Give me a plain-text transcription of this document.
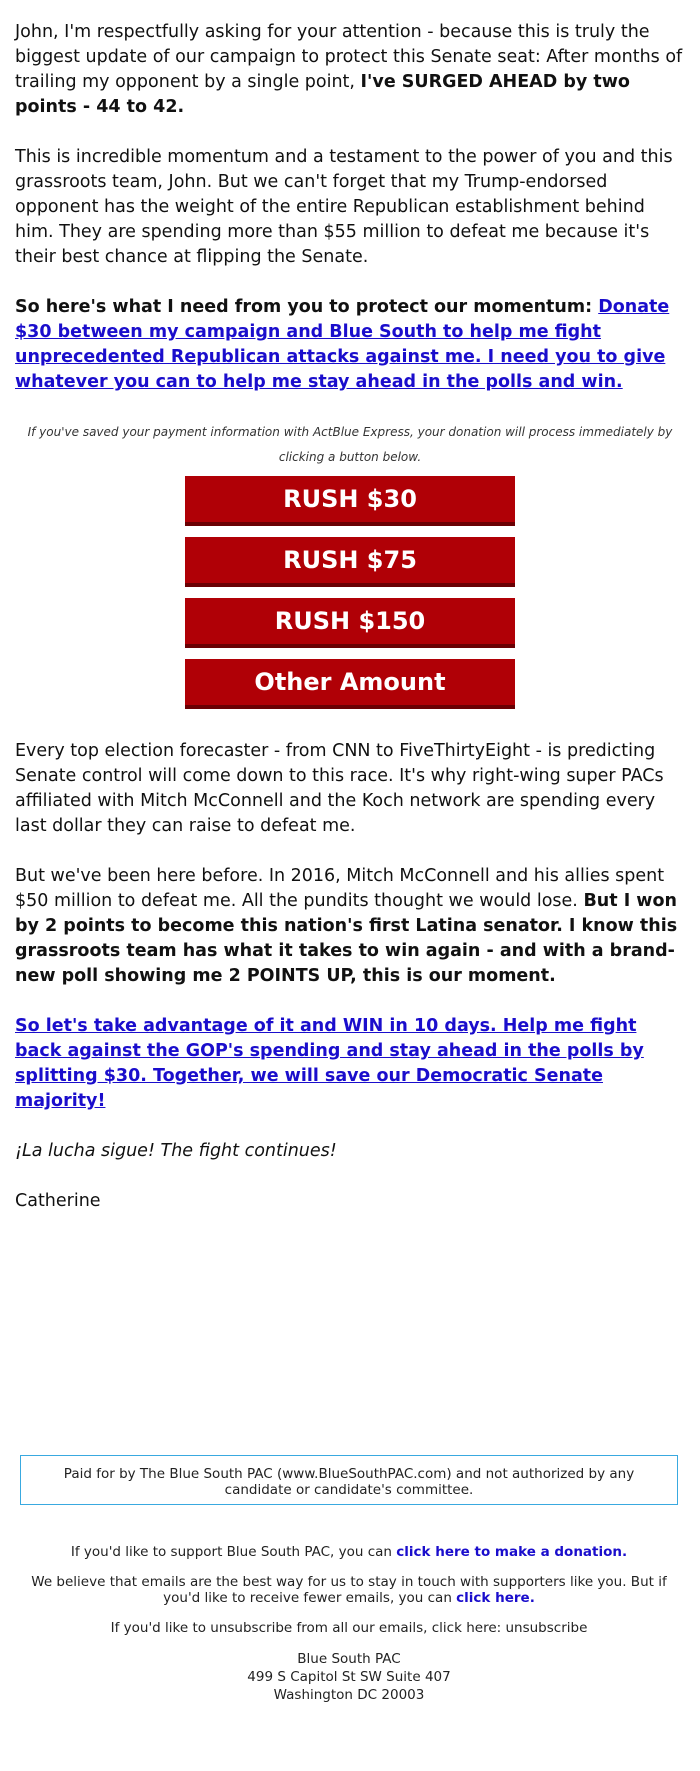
John, I'm respectfully asking for your attention - because this is truly the biggest update of our campaign to protect this Senate seat: After months of trailing my opponent by a single point, I've SURGED AHEAD by two points - 44 to 42.

This is incredible momentum and a testament to the power of you and this grassroots team, John. But we can't forget that my Trump-endorsed opponent has the weight of the entire Republican establishment behind him. They are spending more than $55 million to defeat me because it's their best chance at flipping the Senate.

So here's what I need from you to protect our momentum: Donate $30 between my campaign and Blue South to help me fight unprecedented Republican attacks against me. I need you to give whatever you can to help me stay ahead in the polls and win.

If you've saved your payment information with ActBlue Express, your donation will process immediately by clicking a button below.

RUSH $30
RUSH $75
RUSH $150
Other Amount

Every top election forecaster - from CNN to FiveThirtyEight - is predicting Senate control will come down to this race. It's why right-wing super PACs affiliated with Mitch McConnell and the Koch network are spending every last dollar they can raise to defeat me.

But we've been here before. In 2016, Mitch McConnell and his allies spent $50 million to defeat me. All the pundits thought we would lose. But I won by 2 points to become this nation's first Latina senator. I know this grassroots team has what it takes to win again - and with a brand-new poll showing me 2 POINTS UP, this is our moment.

So let's take advantage of it and WIN in 10 days. Help me fight back against the GOP's spending and stay ahead in the polls by splitting $30. Together, we will save our Democratic Senate majority!

¡La lucha sigue! The fight continues!

Catherine

Paid for by The Blue South PAC (www.BlueSouthPAC.com) and not authorized by any candidate or candidate's committee.

If you'd like to support Blue South PAC, you can click here to make a donation.

We believe that emails are the best way for us to stay in touch with supporters like you. But if you'd like to receive fewer emails, you can click here.

If you'd like to unsubscribe from all our emails, click here: unsubscribe

Blue South PAC
499 S Capitol St SW Suite 407
Washington DC 20003
